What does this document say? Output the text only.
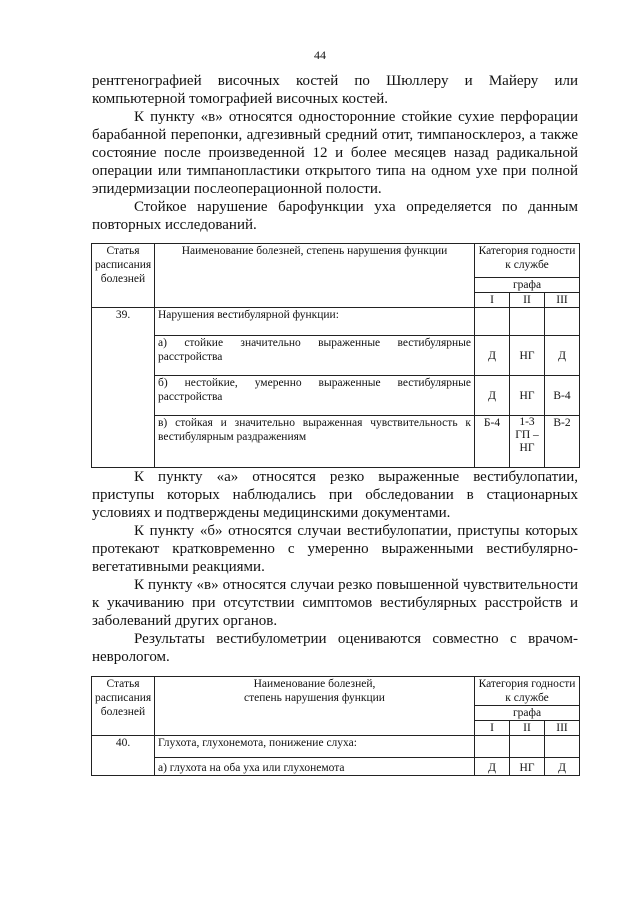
44
рентгенографией височных костей по Шюллеру и Майеру или
компьютерной томографией височных костей.

К пункту «в» относятся односторонние стойкие сухие перфорации барабанной перепонки, адгезивный средний отит, тимпаносклероз, а также состояние после произведенной 12 и более месяцев назад радикальной операции или тимпанопластики открытого типа на одном ухе при полной эпидермизации послеоперационной полости.

Стойкое нарушение барофункции уха определяется по данным повторных исследований.

Статья расписания болезней	Наименование болезней, степень нарушения функции	Категория годности к службе		
		графа		
		I	II	III
39.	Нарушения вестибулярной функции:			
	а) стойкие значительно выраженные вестибулярные расстройства	Д	НГ	Д
	б) нестойкие, умеренно выраженные вестибулярные расстройства	Д	НГ	В-4
	в) стойкая и значительно выраженная чувствительность к вестибулярным раздражениям	Б-4	1-3
ГП –
НГ	В-2

К пункту «а» относятся резко выраженные вестибулопатии, приступы которых наблюдались при обследовании в стационарных условиях и подтверждены медицинскими документами.

К пункту «б» относятся случаи вестибулопатии, приступы которых протекают кратковременно с умеренно выраженными вестибулярно-вегетативными реакциями.

К пункту «в» относятся случаи резко повышенной чувствительности к укачиванию при отсутствии симптомов вестибулярных расстройств и заболеваний других органов.

Результаты вестибулометрии оцениваются совместно с врачом-неврологом.

Статья расписания болезней	Наименование болезней,
степень нарушения функции	Категория годности к службе		
		графа		
		I	II	III
40.	Глухота, глухонемота, понижение слуха:			
	а) глухота на оба уха или глухонемота	Д	НГ	Д
